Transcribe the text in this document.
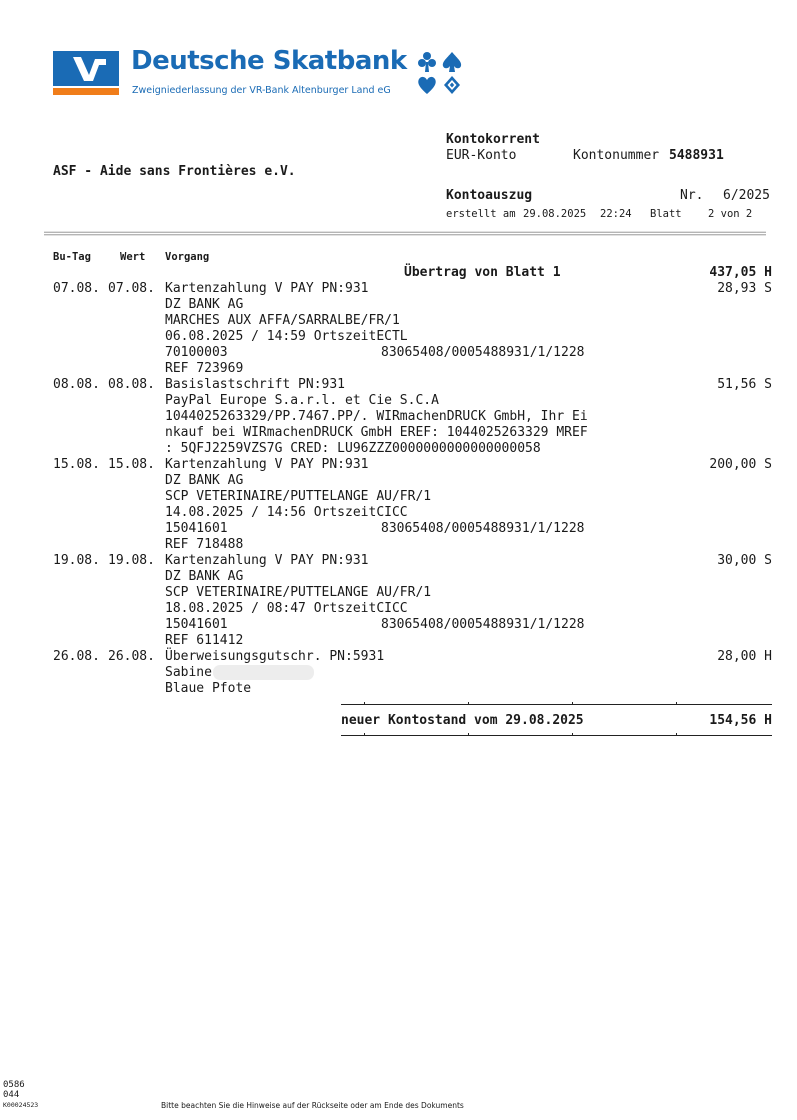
Deutsche Skatbank
Zweigniederlassung der VR-Bank Altenburger Land eG
Kontokorrent
EUR-Konto	Kontonummer 5488931
ASF - Aide sans Frontières e.V.
Kontoauszug	Nr. 6/2025
erstellt am 29.08.2025 22:24 Blatt	2 von 2
Bu-Tag	Wert Vorgang
Übertrag von Blatt 1	437,05 H
07.08. 07.08. Kartenzahlung V PAY PN:931
DZ BANK AG
MARCHES AUX AFFA/SARRALBE/FR/1
06.08.2025 / 14:59 OrtszeitECTL
70100003	83065408/0005488931/1/1228
REF 723969
28,93 S
08.08. 08.08. Basislastschrift PN:931
PayPal Europe S.a.r.l. et Cie S.C.A
1044025263329/PP.7467.PP/. WIRmachenDRUCK GmbH, Ihr Ei
nkauf bei WIRmachenDRUCK GmbH EREF: 1044025263329 MREF
: 5QFJ2259VZS7G CRED: LU96ZZZ0000000000000000058
51,56 S
15.08. 15.08. Kartenzahlung V PAY PN:931
DZ BANK AG
SCP VETERINAIRE/PUTTELANGE AU/FR/1
14.08.2025 / 14:56 OrtszeitCICC
15041601	83065408/0005488931/1/1228
REF 718488
200,00 S
19.08. 19.08. Kartenzahlung V PAY PN:931
DZ BANK AG
SCP VETERINAIRE/PUTTELANGE AU/FR/1
18.08.2025 / 08:47 OrtszeitCICC
15041601	83065408/0005488931/1/1228
REF 611412
30,00 S
26.08. 26.08. Überweisungsgutschr. PN:5931
Sabine
Blaue Pfote
28,00 H
neuer Kontostand vom 29.08.2025	154,56 H
0586
044
K00024523	Bitte beachten Sie die Hinweise auf der Rückseite oder am Ende des Dokuments
